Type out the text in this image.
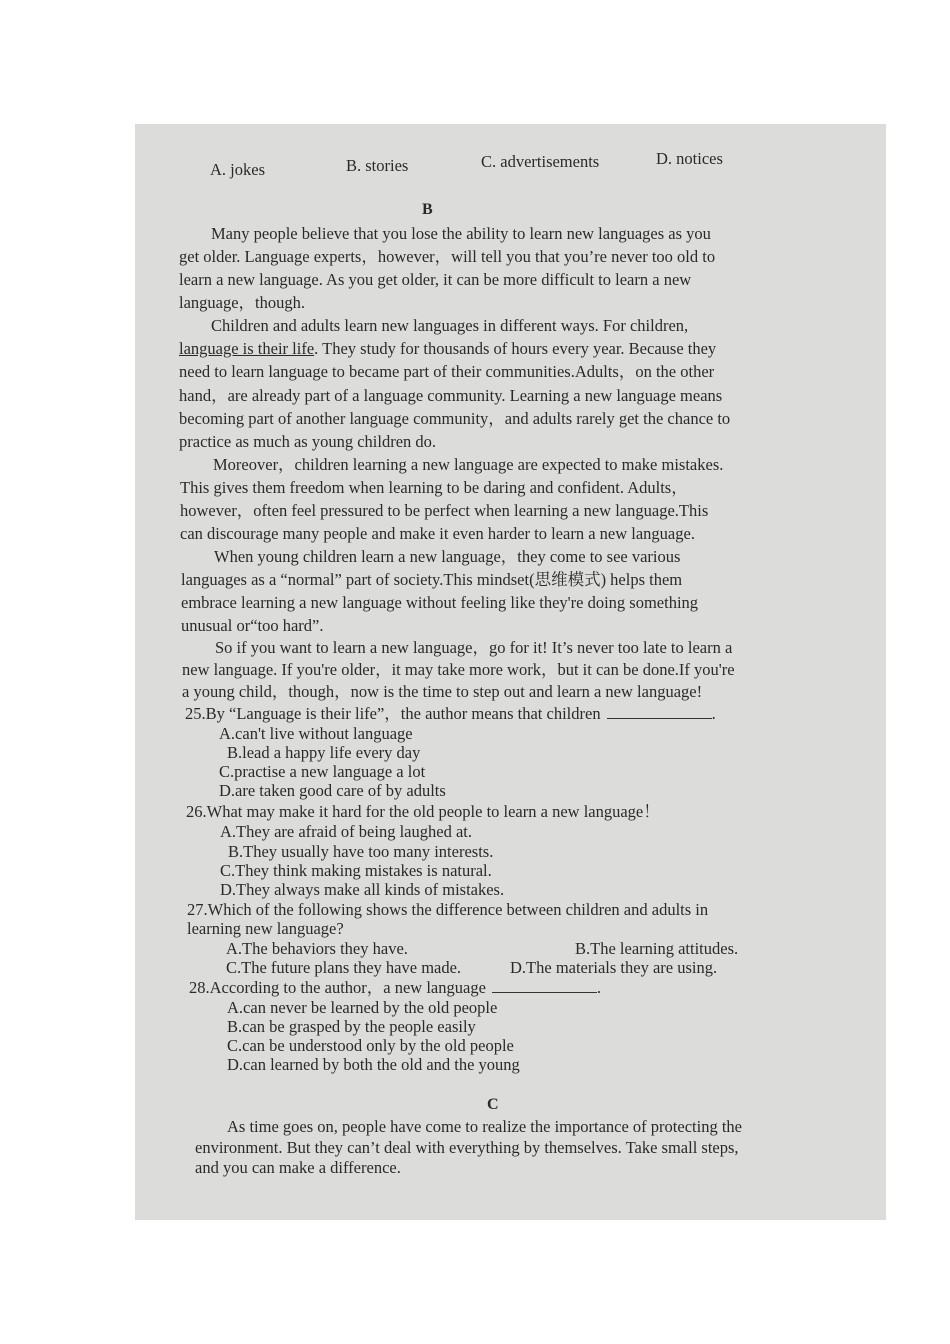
A. jokes	B. stories	C. advertisements	D. notices
B
Many people believe that you lose the ability to learn new languages as you
get older. Language experts，however，will tell you that you’re never too old to
learn a new language. As you get older, it can be more difficult to learn a new
language，though.
Children and adults learn new languages in different ways. For children,
language is their life. They study for thousands of hours every year. Because they
need to learn language to became part of their communities.Adults，on the other
hand，are already part of a language community. Learning a new language means
becoming part of another language community，and adults rarely get the chance to
practice as much as young children do.
Moreover，children learning a new language are expected to make mistakes.
This gives them freedom when learning to be daring and confident. Adults，
however，often feel pressured to be perfect when learning a new language.This
can discourage many people and make it even harder to learn a new language.
When young children learn a new language，they come to see various
languages as a “normal” part of society.This mindset(思维模式) helps them
embrace learning a new language without feeling like they're doing something
unusual or“too hard”.
So if you want to learn a new language，go for it! It’s never too late to learn a
new language. If you're older，it may take more work，but it can be done.If you're
a young child，though，now is the time to step out and learn a new language!
25.By “Language is their life”，the author means that children	.
A.can't live without language
B.lead a happy life every day
C.practise a new language a lot
D.are taken good care of by adults
26.What may make it hard for the old people to learn a new language！
A.They are afraid of being laughed at.
B.They usually have too many interests.
C.They think making mistakes is natural.
D.They always make all kinds of mistakes.
27.Which of the following shows the difference between children and adults in
learning new language?
A.The behaviors they have.	B.The learning attitudes.
C.The future plans they have made.	D.The materials they are using.
28.According to the author，a new language	.
A.can never be learned by the old people
B.can be grasped by the people easily
C.can be understood only by the old people
D.can learned by both the old and the young
C
As time goes on, people have come to realize the importance of protecting the
environment. But they can’t deal with everything by themselves. Take small steps,
and you can make a difference.
